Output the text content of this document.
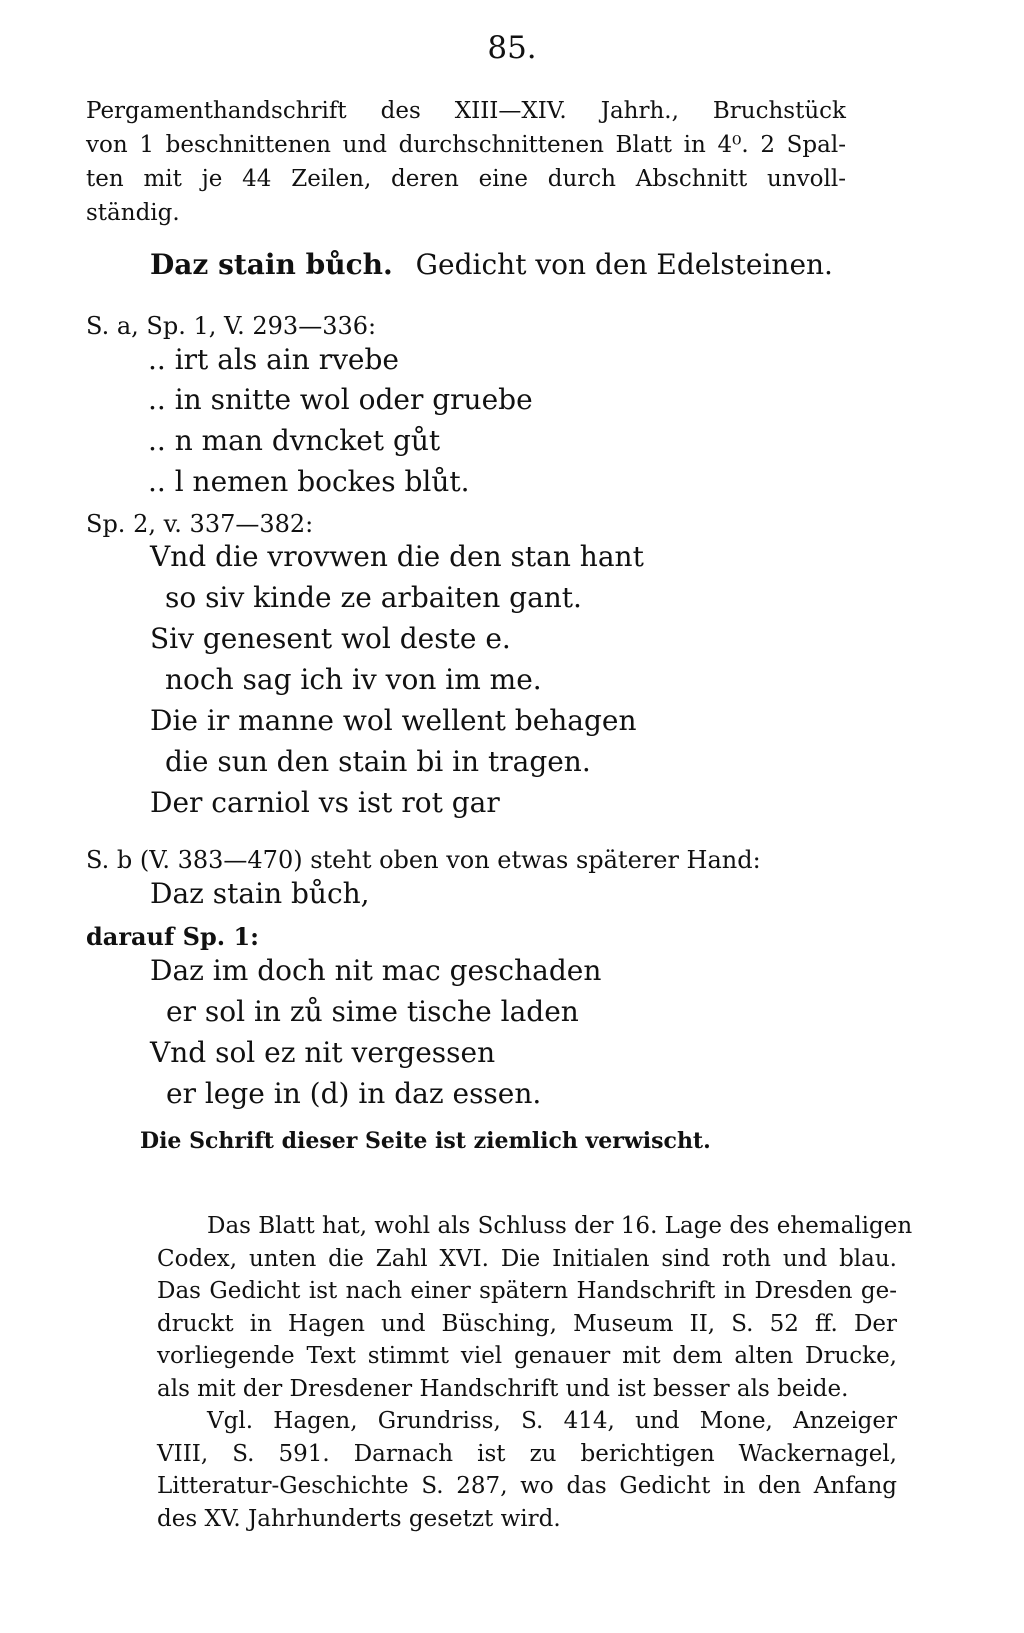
85.
Pergamenthandschrift des XIII—XIV. Jahrh., Bruchstück
von 1 beschnittenen und durchschnittenen Blatt in 4⁰. 2 Spal-
ten mit je 44 Zeilen, deren eine durch Abschnitt unvoll-
ständig.
Daz stain bůch. Gedicht von den Edelsteinen.
S. a, Sp. 1, V. 293—336:
.. irt als ain rvebe
.. in snitte wol oder gruebe
.. n man dvncket gůt
.. l nemen bockes blůt.
Sp. 2, v. 337—382:
Vnd die vrovwen die den stan hant
so siv kinde ze arbaiten gant.
Siv genesent wol deste e.
noch sag ich iv von im me.
Die ir manne wol wellent behagen
die sun den stain bi in tragen.
Der carniol vs ist rot gar
S. b (V. 383—470) steht oben von etwas späterer Hand:
Daz stain bůch,
darauf Sp. 1:
Daz im doch nit mac geschaden
er sol in zů sime tische laden
Vnd sol ez nit vergessen
er lege in (d) in daz essen.
Die Schrift dieser Seite ist ziemlich verwischt.
Das Blatt hat, wohl als Schluss der 16. Lage des ehemaligen
Codex, unten die Zahl XVI. Die Initialen sind roth und blau.
Das Gedicht ist nach einer spätern Handschrift in Dresden ge-
druckt in Hagen und Büsching, Museum II, S. 52 ff. Der
vorliegende Text stimmt viel genauer mit dem alten Drucke,
als mit der Dresdener Handschrift und ist besser als beide.
Vgl. Hagen, Grundriss, S. 414, und Mone, Anzeiger
VIII, S. 591. Darnach ist zu berichtigen Wackernagel,
Litteratur-Geschichte S. 287, wo das Gedicht in den Anfang
des XV. Jahrhunderts gesetzt wird.
